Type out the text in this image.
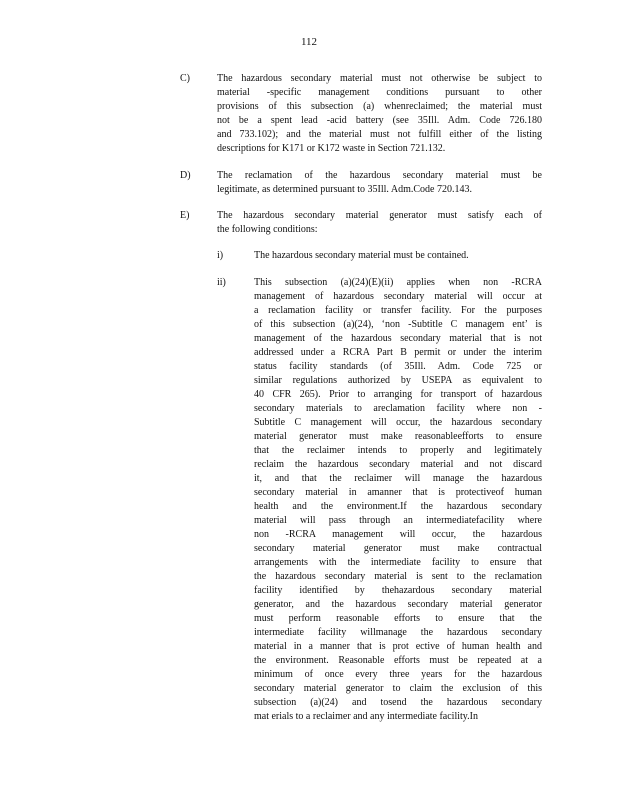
112
C)	The hazardous secondary material must not otherwise be subject to
material -specific management conditions pursuant to other
provisions of this subsection (a) whenreclaimed; the material must
not be a spent lead -acid battery (see 35Ill. Adm. Code 726.180
and 733.102); and the material must not fulfill either of the listing
descriptions for K171 or K172 waste in Section 721.132.
D)	The reclamation of the hazardous secondary material must be
legitimate, as determined pursuant to 35Ill. Adm.Code 720.143.
E)	The hazardous secondary material generator must satisfy each of
the following conditions:
i)	The hazardous secondary material must be contained.
ii)	This subsection (a)(24)(E)(ii) applies when non -RCRA
management of hazardous secondary material will occur at
a reclamation facility or transfer facility. For the purposes
of this subsection (a)(24), ‘non -Subtitle C managem ent’ is
management of the hazardous secondary material that is not
addressed under a RCRA Part B permit or under the interim
status facility standards (of 35Ill. Adm. Code 725 or
similar regulations authorized by USEPA as equivalent to
40 CFR 265). Prior to arranging for transport of hazardous
secondary materials to areclamation facility where non -
Subtitle C management will occur, the hazardous secondary
material generator must make reasonableefforts to ensure
that the reclaimer intends to properly and legitimately
reclaim the hazardous secondary material and not discard
it, and that the reclaimer will manage the hazardous
secondary material in amanner that is protectiveof human
health and the environment.If the hazardous secondary
material will pass through an intermediatefacility where
non -RCRA management will occur, the hazardous
secondary material generator must make contractual
arrangements with the intermediate facility to ensure that
the hazardous secondary material is sent to the reclamation
facility identified by thehazardous secondary material
generator, and the hazardous secondary material generator
must perform reasonable efforts to ensure that the
intermediate facility willmanage the hazardous secondary
material in a manner that is prot ective of human health and
the environment. Reasonable efforts must be repeated at a
minimum of once every three years for the hazardous
secondary material generator to claim the exclusion of this
subsection (a)(24) and tosend the hazardous secondary
mat erials to a reclaimer and any intermediate facility.In
